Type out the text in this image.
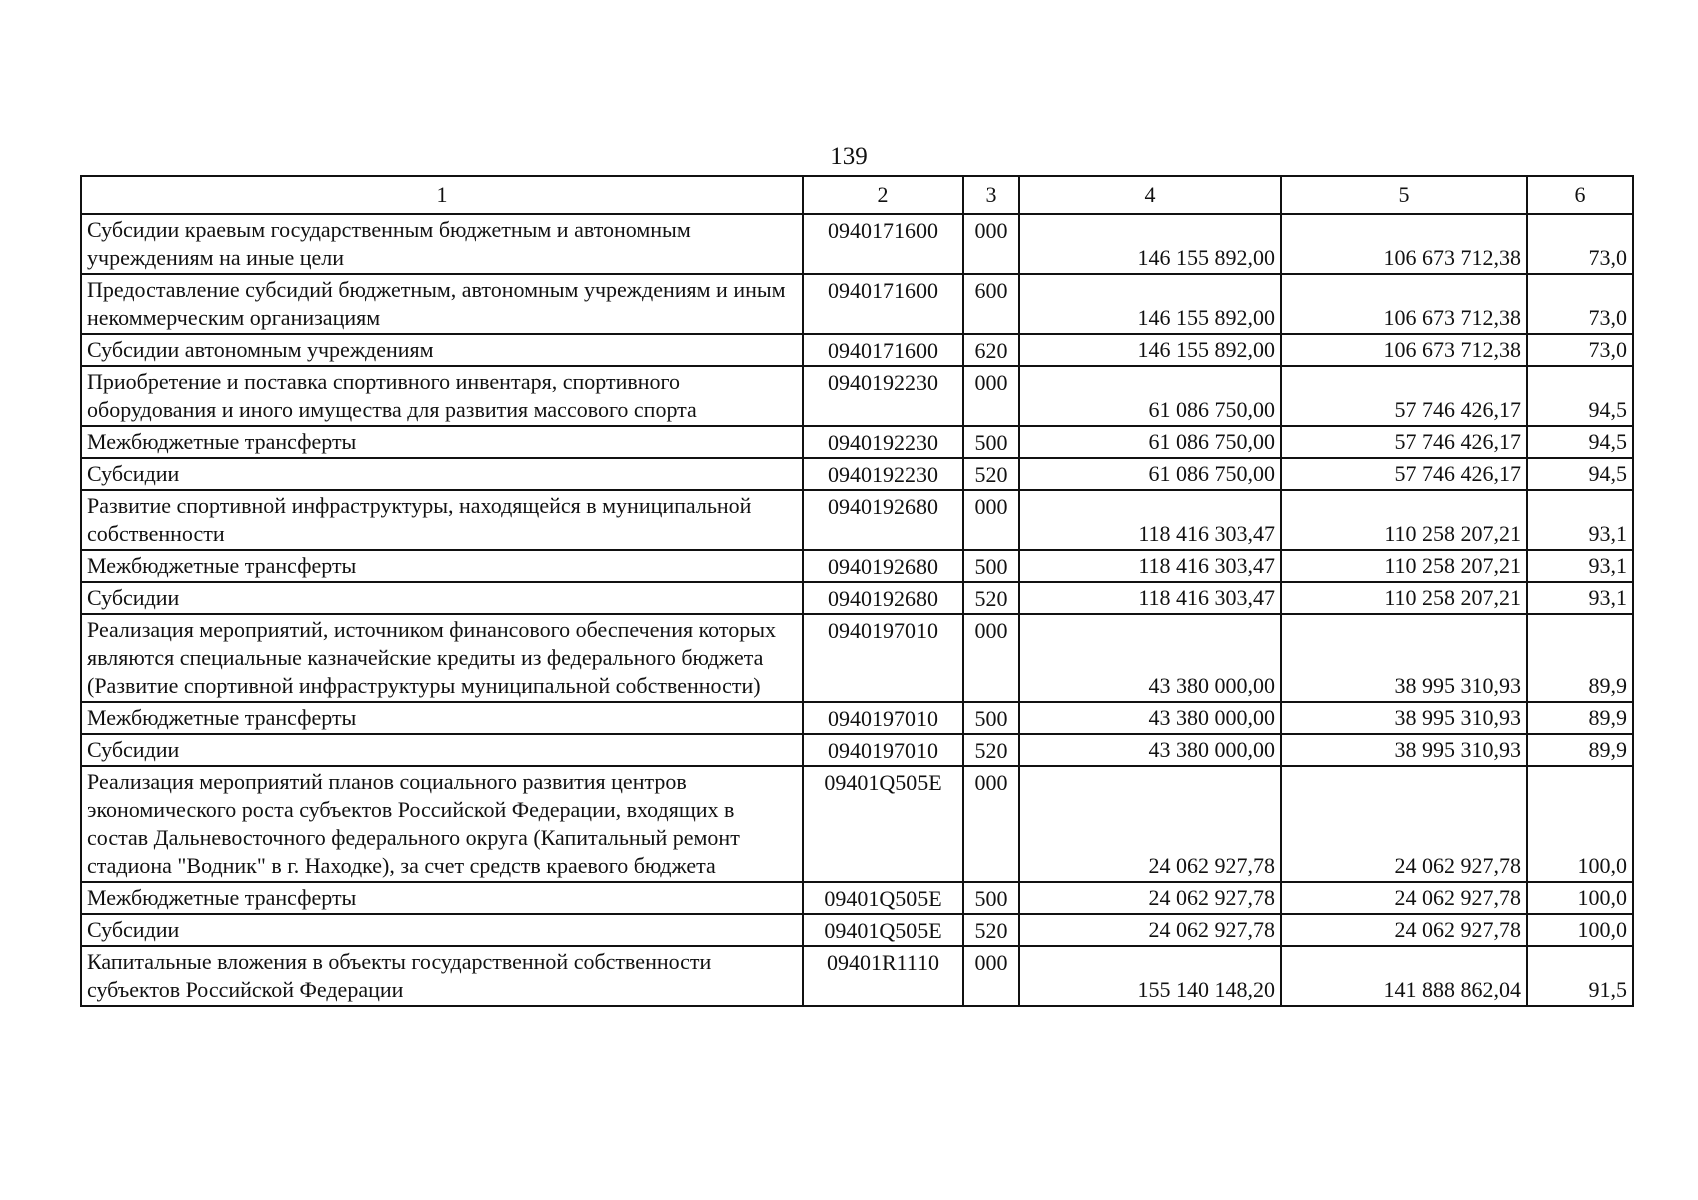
139
1	2	3	4	5	6
Субсидии краевым государственным бюджетным и автономным учреждениям на иные цели	0940171600	000	146 155 892,00	106 673 712,38	73,0
Предоставление субсидий бюджетным, автономным учреждениям и иным некоммерческим организациям	0940171600	600	146 155 892,00	106 673 712,38	73,0
Субсидии автономным учреждениям	0940171600	620	146 155 892,00	106 673 712,38	73,0
Приобретение и поставка спортивного инвентаря, спортивного оборудования и иного имущества для развития массового спорта	0940192230	000	61 086 750,00	57 746 426,17	94,5
Межбюджетные трансферты	0940192230	500	61 086 750,00	57 746 426,17	94,5
Субсидии	0940192230	520	61 086 750,00	57 746 426,17	94,5
Развитие спортивной инфраструктуры, находящейся в муниципальной собственности	0940192680	000	118 416 303,47	110 258 207,21	93,1
Межбюджетные трансферты	0940192680	500	118 416 303,47	110 258 207,21	93,1
Субсидии	0940192680	520	118 416 303,47	110 258 207,21	93,1
Реализация мероприятий, источником финансового обеспечения которых являются специальные казначейские кредиты из федерального бюджета (Развитие спортивной инфраструктуры муниципальной собственности)	0940197010	000	43 380 000,00	38 995 310,93	89,9
Межбюджетные трансферты	0940197010	500	43 380 000,00	38 995 310,93	89,9
Субсидии	0940197010	520	43 380 000,00	38 995 310,93	89,9
Реализация мероприятий планов социального развития центров экономического роста субъектов Российской Федерации, входящих в состав Дальневосточного федерального округа (Капитальный ремонт стадиона "Водник" в г. Находке), за счет средств краевого бюджета	09401Q505E	000	24 062 927,78	24 062 927,78	100,0
Межбюджетные трансферты	09401Q505E	500	24 062 927,78	24 062 927,78	100,0
Субсидии	09401Q505E	520	24 062 927,78	24 062 927,78	100,0
Капитальные вложения в объекты государственной собственности субъектов Российской Федерации	09401R1110	000	155 140 148,20	141 888 862,04	91,5
